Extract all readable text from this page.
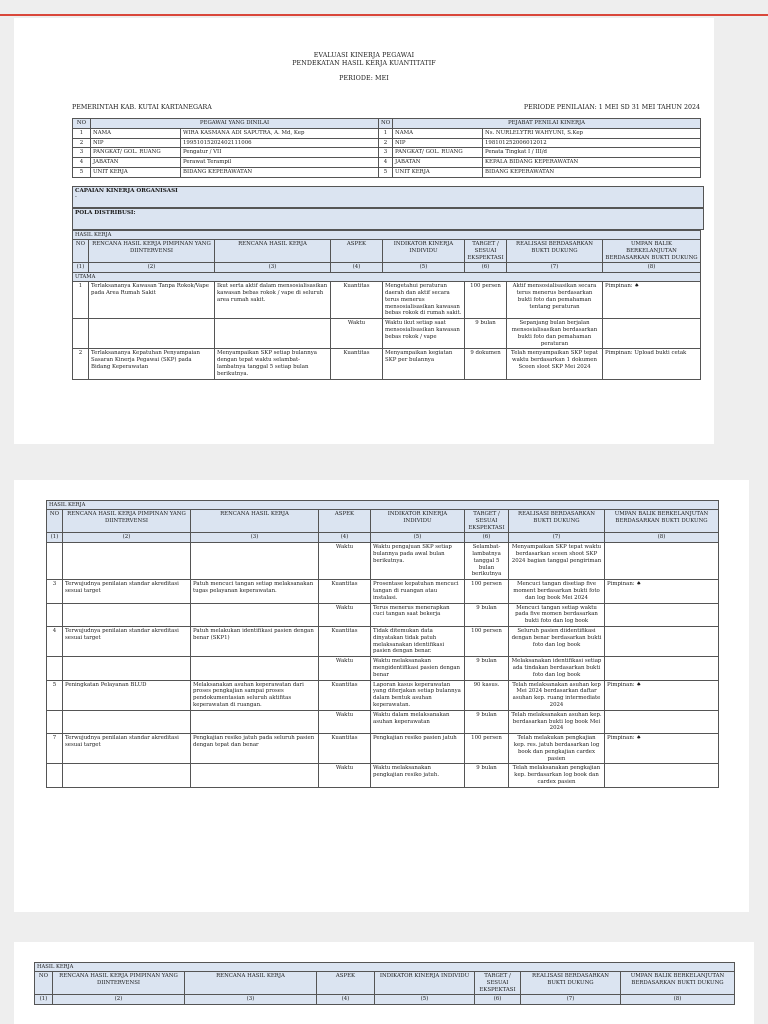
EVALUASI KINERJA PEGAWAI
PENDEKATAN HASIL KERJA KUANTITATIF
PERIODE: MEI
PEMERINTAH KAB. KUTAI KARTANEGARA	PERIODE PENILAIAN: 1 MEI SD 31 MEI TAHUN 2024
NO	PEGAWAI YANG DINILAI		NO	PEJABAT PENILAI KINERJA	
1	NAMA	WIRA KASMANA ADI SAPUTRA, A. Md, Kep	1	NAMA	Ns. NURLELYTRI WAHYUNI, S.Kep
2	NIP	19951015202402111006	2	NIP	198101252006012012
3	PANGKAT/ GOL. RUANG	Pengatur / VII	3	PANGKAT/ GOL. RUANG	Penata Tingkat I / III/d
4	JABATAN	Perawat Terampil	4	JABATAN	KEPALA BIDANG KEPERAWATAN
5	UNIT KERJA	BIDANG KEPERAWATAN	5	UNIT KERJA	BIDANG KEPERAWATAN
CAPAIAN KINERJA ORGANISASI
-
POLA DISTRIBUSI:
HASIL KERJA							
NO	RENCANA HASIL KERJA PIMPINAN YANG DIINTERVENSI	RENCANA HASIL KERJA	ASPEK	INDIKATOR KINERJA INDIVIDU	TARGET / SESUAI EKSPEKTASI	REALISASI BERDASARKAN BUKTI DUKUNG	UMPAN BALIK BERKELANJUTAN BERDASARKAN BUKTI DUKUNG
(1)	(2)	(3)	(4)	(5)	(6)	(7)	(8)
UTAMA							
1	Terlaksananya Kawasan Tanpa Rokok/Vape pada Area Rumah Sakit	Ikut serta aktif dalam mensosialisasikan kawasan bebas rokok / vape di seluruh area rumah sakit.	Kuantitas	Mengetahui peraturan daerah dan aktif secara terus menerus mensosialisasikan kawasan bebas rokok di rumah sakit.	100 persen	Aktif mensosialisasikan secara terus menerus berdasarkan bukti foto dan pemahaman tentang peraturan	Pimpinan: ♠
			Waktu	Waktu ikut setiap saat mensosialisasikan kawasan bebas rokok / vape	9 bulan	Sepanjang bulan berjalan mensosialisasikan berdasarkan bukti foto dan pemahaman peraturan	
2	Terlaksananya Kepatuhan Penyampaian Sasaran Kinerja Pegawai (SKP) pada Bidang Keperawatan	Menyampaikan SKP setiap bulannya dengan tepat waktu selambat-lambatnya tanggal 5 setiap bulan berikutnya.	Kuantitas	Menyampaikan kegiatan SKP per bulannya	9 dokumen	Telah menyampaikan SKP tepat waktu berdasarkan 1 dokumen Sceen sloot SKP Mei 2024	Pimpinan: Upload bukti cetak
HASIL KERJA							
NO	RENCANA HASIL KERJA PIMPINAN YANG DIINTERVENSI	RENCANA HASIL KERJA	ASPEK	INDIKATOR KINERJA INDIVIDU	TARGET / SESUAI EKSPEKTASI	REALISASI BERDASARKAN BUKTI DUKUNG	UMPAN BALIK BERKELANJUTAN BERDASARKAN BUKTI DUKUNG
(1)	(2)	(3)	(4)	(5)	(6)	(7)	(8)
			Waktu	Waktu pengajuan SKP setiap bulannya pada awal bulan berikutnya.	Selambat-lambatnya tanggal 5 bulan berikutnya	Menyampaikan SKP tepat waktu berdasarkan sceen shoot SKP 2024 bagian tanggal pengiriman	
3	Terwujudnya penilaian standar akreditasi sesuai target	Patuh mencuci tangan setiap melaksanakan tugas pelayanan keperawatan.	Kuantitas	Prosentase kepatuhan mencuci tangan di ruangan atau instalasi.	100 persen	Mencuci tangan disetiap five moment berdasarkan bukti foto dan log book Mei 2024	Pimpinan: ♠
			Waktu	Terus menerus menerapkan cuci tangan saat bekerja	9 bulan	Mencuci tangan setiap waktu pada five momen berdasarkan bukti foto dan log book	
4	Terwujudnya penilaian standar akreditasi sesuai target	Patuh melakukan identifikasi pasien dengan benar (SKP1)	Kuantitas	Tidak ditemukan data dinyatakan tidak patuh melaksanakan identifikasi pasien dengan benar.	100 persen	Seluruh pasien diidentifikasi dengan benar berdasarkan bukti foto dan log book	
			Waktu	Waktu melaksanakan mengidentifikasi pasien dengan benar	9 bulan	Melaksanakan identifikasi setiap ada tindakan berdasarkan bukti foto dan log book	
5	Peningkatan Pelayanan BLUD	Melaksanakan asuhan keperawatan dari proses pengkajian sampai proses pendokumentasian seluruh aktifitas keperawatan di ruangan.	Kuantitas	Laporan kasus keperawatan yang diterjakan setiap bulannya dalam bentuk asuhan keperawatan.	90 kasus.	Telah melaksanakan asuhan kep Mei 2024 berdasarkan daftar asuhan kep. ruang intermediate 2024	Pimpinan: ♠
			Waktu	Waktu dalam melaksanakan asuhan keperawatan	9 bulan	Telah melaksanakan asuhan kep. berdasarkan bukti log book Mei 2024	
7	Terwujudnya penilaian standar akreditasi sesuai target	Pengkajian resiko jatuh pada seluruh pasien dengan tepat dan benar	Kuantitas	Pengkajian resiko pasien jatuh	100 persen	Telah melakukan pengkajian kep. res. jatuh berdasarkan log book dan pengkajian cardex pasien	Pimpinan: ♠
			Waktu	Waktu melaksanakan pengkajian resiko jatuh.	9 bulan	Telah melaksanakan pengkajian kep. berdasarkan log book dan cardex pasien	
HASIL KERJA							
NO	RENCANA HASIL KERJA PIMPINAN YANG DIINTERVENSI	RENCANA HASIL KERJA	ASPEK	INDIKATOR KINERJA INDIVIDU	TARGET / SESUAI EKSPEKTASI	REALISASI BERDASARKAN BUKTI DUKUNG	UMPAN BALIK BERKELANJUTAN BERDASARKAN BUKTI DUKUNG
(1)	(2)	(3)	(4)	(5)	(6)	(7)	(8)
